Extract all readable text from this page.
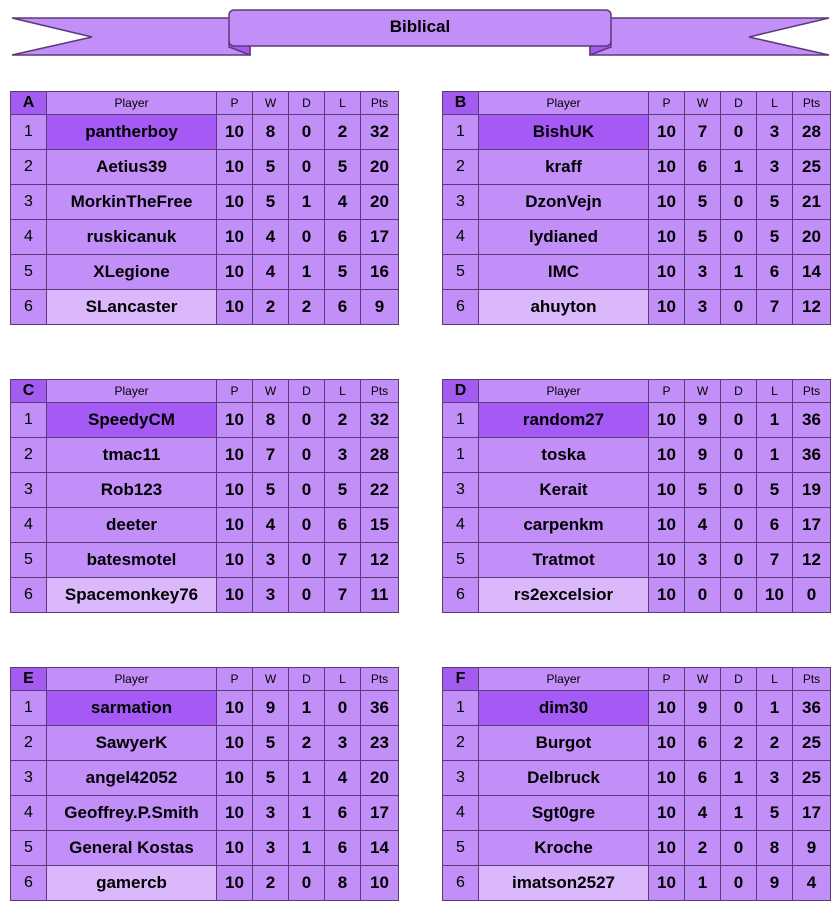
Biblical
A	Player	P	W	D	L	Pts
1	pantherboy	10	8	0	2	32
2	Aetius39	10	5	0	5	20
3	MorkinTheFree	10	5	1	4	20
4	ruskicanuk	10	4	0	6	17
5	XLegione	10	4	1	5	16
6	SLancaster	10	2	2	6	9
B	Player	P	W	D	L	Pts
1	BishUK	10	7	0	3	28
2	kraff	10	6	1	3	25
3	DzonVejn	10	5	0	5	21
4	lydianed	10	5	0	5	20
5	IMC	10	3	1	6	14
6	ahuyton	10	3	0	7	12
C	Player	P	W	D	L	Pts
1	SpeedyCM	10	8	0	2	32
2	tmac11	10	7	0	3	28
3	Rob123	10	5	0	5	22
4	deeter	10	4	0	6	15
5	batesmotel	10	3	0	7	12
6	Spacemonkey76	10	3	0	7	11
D	Player	P	W	D	L	Pts
1	random27	10	9	0	1	36
1	toska	10	9	0	1	36
3	Kerait	10	5	0	5	19
4	carpenkm	10	4	0	6	17
5	Tratmot	10	3	0	7	12
6	rs2excelsior	10	0	0	10	0
E	Player	P	W	D	L	Pts
1	sarmation	10	9	1	0	36
2	SawyerK	10	5	2	3	23
3	angel42052	10	5	1	4	20
4	Geoffrey.P.Smith	10	3	1	6	17
5	General Kostas	10	3	1	6	14
6	gamercb	10	2	0	8	10
F	Player	P	W	D	L	Pts
1	dim30	10	9	0	1	36
2	Burgot	10	6	2	2	25
3	Delbruck	10	6	1	3	25
4	Sgt0gre	10	4	1	5	17
5	Kroche	10	2	0	8	9
6	imatson2527	10	1	0	9	4
